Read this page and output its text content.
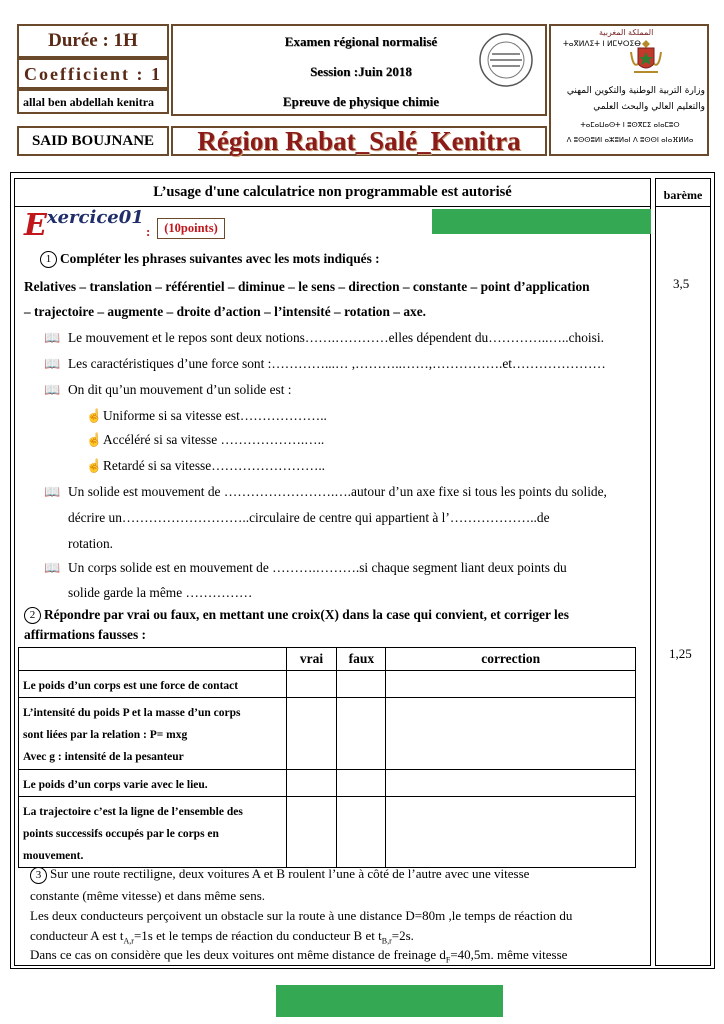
Durée : 1H
Coefficient : 1
allal ben abdellah kenitra
Examen régional normalisé
Session :Juin 2018
Epreuve de physique chimie
المملكة المغربية
ⵜⴰⴳⵍⴷⵉⵜ ⵏ ⵍⵎⵖⵔⵉⴱ
وزارة التربية الوطنية والتكوين المهني
والتعليم العالي والبحث العلمي
ⵜⴰⵎⴰⵡⴰⵙⵜ ⵏ ⵓⵙⴳⵎⵉ ⴰⵏⴰⵎⵓⵔ
ⴷ ⵓⵙⵙⵓⵍⵏ ⴰⵣⵓⵍⴰⵏ ⴷ ⵓⵙⵙⵏ ⴰⵏⴰⴼⵍⵍⴰ
SAID BOUJNANE	Région Rabat_Salé_Kenitra
L’usage d'une calculatrice non programmable est autorisé	barème
3,5
1,25
Exercice01
:	(10points)
1 Compléter les phrases suivantes avec les mots indiqués :
Relatives – translation – référentiel – diminue – le sens – direction – constante – point d’application
– trajectoire – augmente – droite d’action – l’intensité – rotation – axe.
📖 Le mouvement et le repos sont deux notions…….…………elles dépendent du…………..…..choisi.
📖 Les caractéristiques d’une force sont :…………...… ,………..……,…………….et…………………
📖 On dit qu’un mouvement d’un solide est :
☝ Uniforme si sa vitesse est………………..
☝ Accéléré si sa vitesse ……………….…..
☝ Retardé si sa vitesse……………………..
📖 Un solide est mouvement de …………………….….autour d’un axe fixe si tous les points du solide,
décrire un………………………..circulaire de centre qui appartient à l’………………..de
rotation.
📖 Un corps solide est en mouvement de ……….……….si chaque segment liant deux points du
solide garde la même ……………
2 Répondre par vrai ou faux, en mettant une croix(X) dans la case qui convient, et corriger les
affirmations fausses :
	vrai	faux	correction
Le poids d’un corps est une force de contact			

L’intensité du poids P et la masse d’un corps
sont liées par la relation : P= mxg
Avec g : intensité de la pesanteur			

Le poids d’un corps varie avec le lieu.			

La trajectoire c’est la ligne de l’ensemble des
points successifs occupés par le corps en
mouvement.			

3 Sur une route rectiligne, deux voitures A et B roulent l’une à côté de l’autre avec une vitesse
constante (même vitesse) et dans même sens.
Les deux conducteurs perçoivent un obstacle sur la route à une distance D=80m ,le temps de réaction du
conducteur A est $t_{A,r}=1s$ et le temps de réaction du conducteur B et $t_{B,r}=2s$.
Dans ce cas on considère que les deux voitures ont même distance de freinage $d_F=40,5m$. même vitesse
